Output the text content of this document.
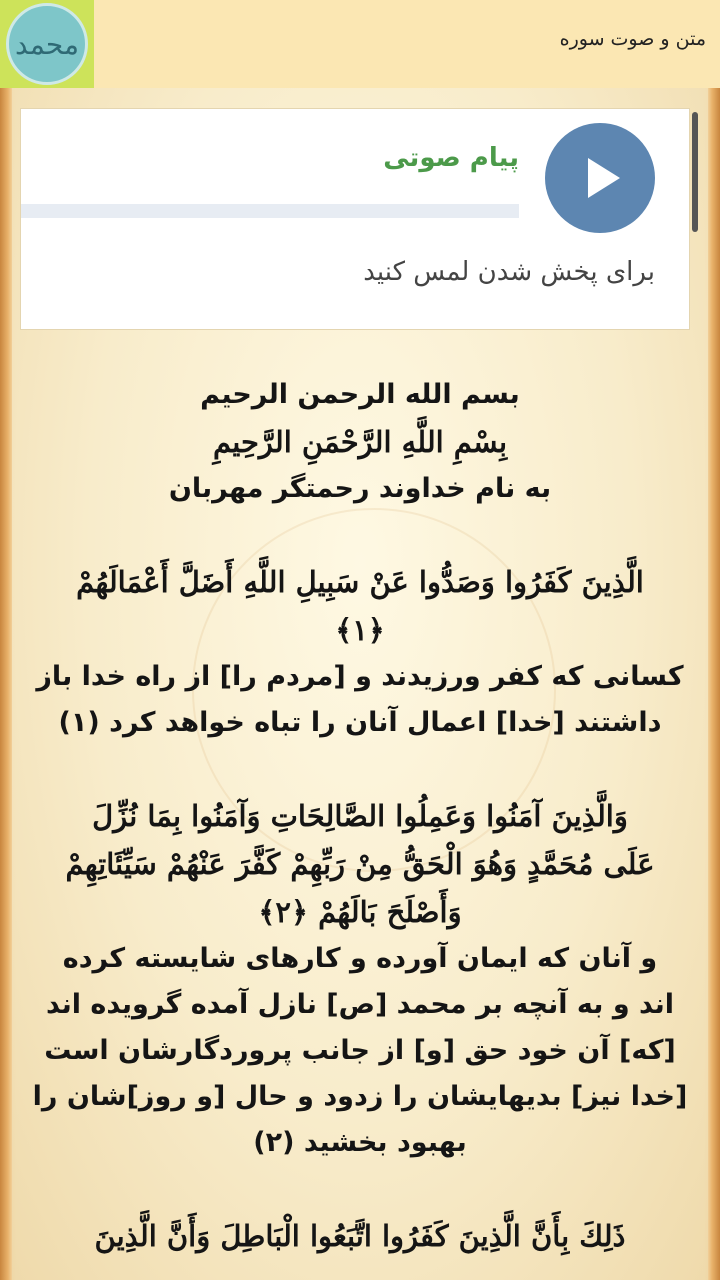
محمد	متن و صوت سوره
پیام صوتی
برای پخش شدن لمس کنید
بسم الله الرحمن الرحیم
بِسْمِ اللَّهِ الرَّحْمَنِ الرَّحِيمِ
به نام خداوند رحمتگر مهربان
الَّذِينَ كَفَرُوا وَصَدُّوا عَنْ سَبِيلِ اللَّهِ أَضَلَّ أَعْمَالَهُمْ
﴿۱﴾
کسانی که کفر ورزیدند و [مردم را] از راه خدا باز
داشتند [خدا] اعمال آنان را تباه خواهد کرد (۱)
وَالَّذِينَ آمَنُوا وَعَمِلُوا الصَّالِحَاتِ وَآمَنُوا بِمَا نُزِّلَ
عَلَى مُحَمَّدٍ وَهُوَ الْحَقُّ مِنْ رَبِّهِمْ كَفَّرَ عَنْهُمْ سَيِّئَاتِهِمْ
وَأَصْلَحَ بَالَهُمْ ﴿۲﴾
و آنان که ایمان آورده و کارهای شایسته کرده
اند و به آنچه بر محمد [ص] نازل آمده گرویده اند
[که] آن خود حق [و] از جانب پروردگارشان است
[خدا نیز] بدیهایشان را زدود و حال [و روز]شان را
بهبود بخشید (۲)
ذَلِكَ بِأَنَّ الَّذِينَ كَفَرُوا اتَّبَعُوا الْبَاطِلَ وَأَنَّ الَّذِينَ
